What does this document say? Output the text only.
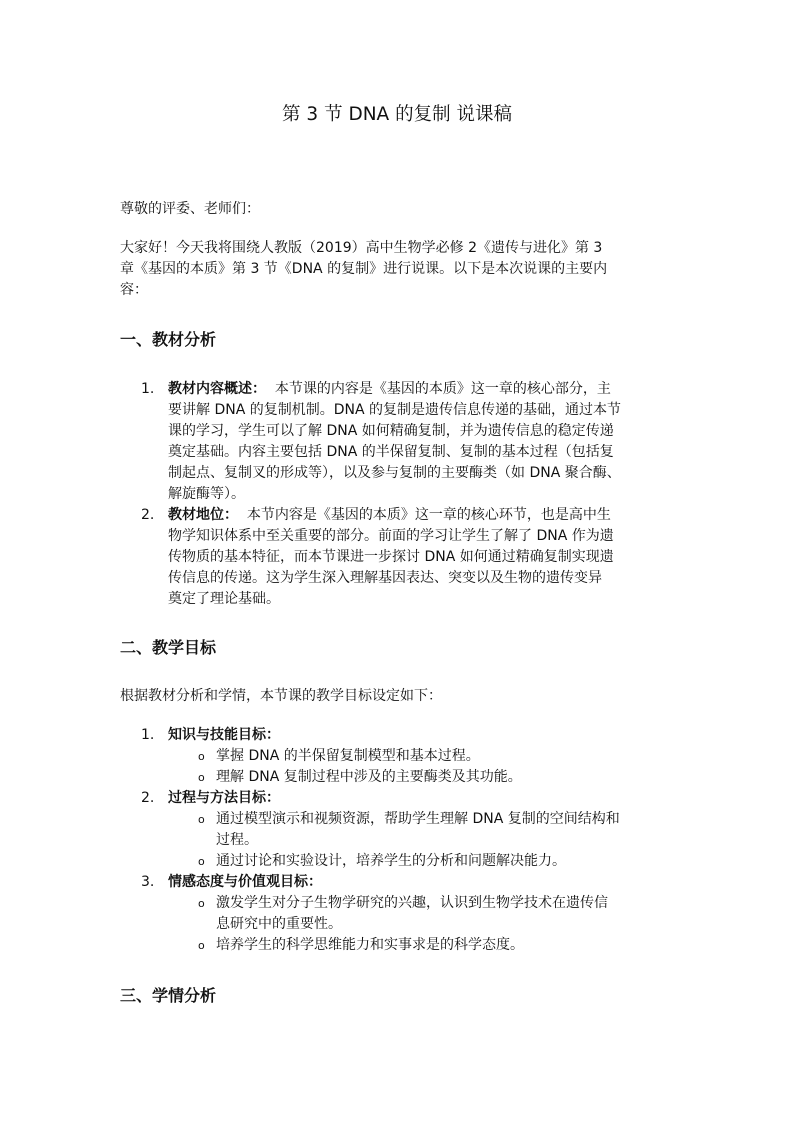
第 3 节 DNA 的复制 说课稿
尊敬的评委、老师们：
大家好！今天我将围绕人教版（2019）高中生物学必修 2《遗传与进化》第 3
章《基因的本质》第 3 节《DNA 的复制》进行说课。以下是本次说课的主要内
容：
一、教材分析
1. 教材内容概述：  本节课的内容是《基因的本质》这一章的核心部分，主
要讲解 DNA 的复制机制。DNA 的复制是遗传信息传递的基础，通过本节
课的学习，学生可以了解 DNA 如何精确复制，并为遗传信息的稳定传递
奠定基础。内容主要包括 DNA 的半保留复制、复制的基本过程（包括复
制起点、复制叉的形成等），以及参与复制的主要酶类（如 DNA 聚合酶、
解旋酶等）。
2. 教材地位：  本节内容是《基因的本质》这一章的核心环节，也是高中生
物学知识体系中至关重要的部分。前面的学习让学生了解了 DNA 作为遗
传物质的基本特征，而本节课进一步探讨 DNA 如何通过精确复制实现遗
传信息的传递。这为学生深入理解基因表达、突变以及生物的遗传变异
奠定了理论基础。
二、教学目标
根据教材分析和学情，本节课的教学目标设定如下：
1. 知识与技能目标：
o 掌握 DNA 的半保留复制模型和基本过程。
o 理解 DNA 复制过程中涉及的主要酶类及其功能。
2. 过程与方法目标：
o 通过模型演示和视频资源，帮助学生理解 DNA 复制的空间结构和
过程。
o 通过讨论和实验设计，培养学生的分析和问题解决能力。
3. 情感态度与价值观目标：
o 激发学生对分子生物学研究的兴趣，认识到生物学技术在遗传信
息研究中的重要性。
o 培养学生的科学思维能力和实事求是的科学态度。
三、学情分析
